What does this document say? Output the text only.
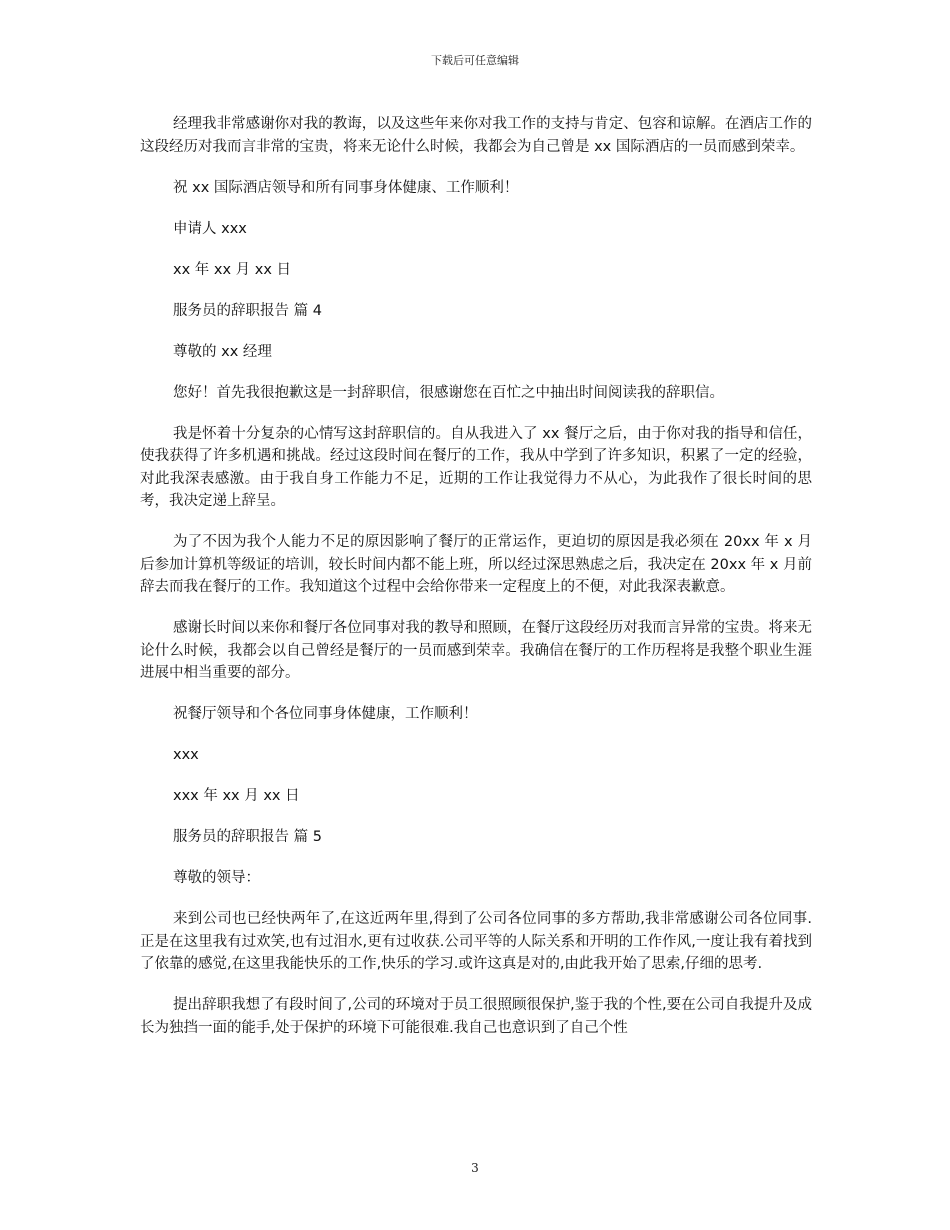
下载后可任意编辑

经理我非常感谢你对我的教诲，以及这些年来你对我工作的支持与肯定、包容和谅解。在酒店工作的这段经历对我而言非常的宝贵，将来无论什么时候，我都会为自己曾是 xx 国际酒店的一员而感到荣幸。

祝 xx 国际酒店领导和所有同事身体健康、工作顺利！

申请人 xxx

xx 年 xx 月 xx 日

服务员的辞职报告 篇 4

尊敬的 xx 经理

您好！首先我很抱歉这是一封辞职信，很感谢您在百忙之中抽出时间阅读我的辞职信。

我是怀着十分复杂的心情写这封辞职信的。自从我进入了 xx 餐厅之后，由于你对我的指导和信任，使我获得了许多机遇和挑战。经过这段时间在餐厅的工作，我从中学到了许多知识，积累了一定的经验，对此我深表感激。由于我自身工作能力不足，近期的工作让我觉得力不从心，为此我作了很长时间的思考，我决定递上辞呈。

为了不因为我个人能力不足的原因影响了餐厅的正常运作，更迫切的原因是我必须在 20xx 年 x 月后参加计算机等级证的培训，较长时间内都不能上班，所以经过深思熟虑之后，我决定在 20xx 年 x 月前辞去而我在餐厅的工作。我知道这个过程中会给你带来一定程度上的不便，对此我深表歉意。

感谢长时间以来你和餐厅各位同事对我的教导和照顾，在餐厅这段经历对我而言异常的宝贵。将来无论什么时候，我都会以自己曾经是餐厅的一员而感到荣幸。我确信在餐厅的工作历程将是我整个职业生涯进展中相当重要的部分。

祝餐厅领导和个各位同事身体健康，工作顺利！

xxx

xxx 年 xx 月 xx 日

服务员的辞职报告 篇 5

尊敬的领导：

来到公司也已经快两年了,在这近两年里,得到了公司各位同事的多方帮助,我非常感谢公司各位同事.正是在这里我有过欢笑,也有过泪水,更有过收获.公司平等的人际关系和开明的工作作风,一度让我有着找到了依靠的感觉,在这里我能快乐的工作,快乐的学习.或许这真是对的,由此我开始了思索,仔细的思考.

提出辞职我想了有段时间了,公司的环境对于员工很照顾很保护,鉴于我的个性,要在公司自我提升及成长为独挡一面的能手,处于保护的环境下可能很难.我自己也意识到了自己个性

3
